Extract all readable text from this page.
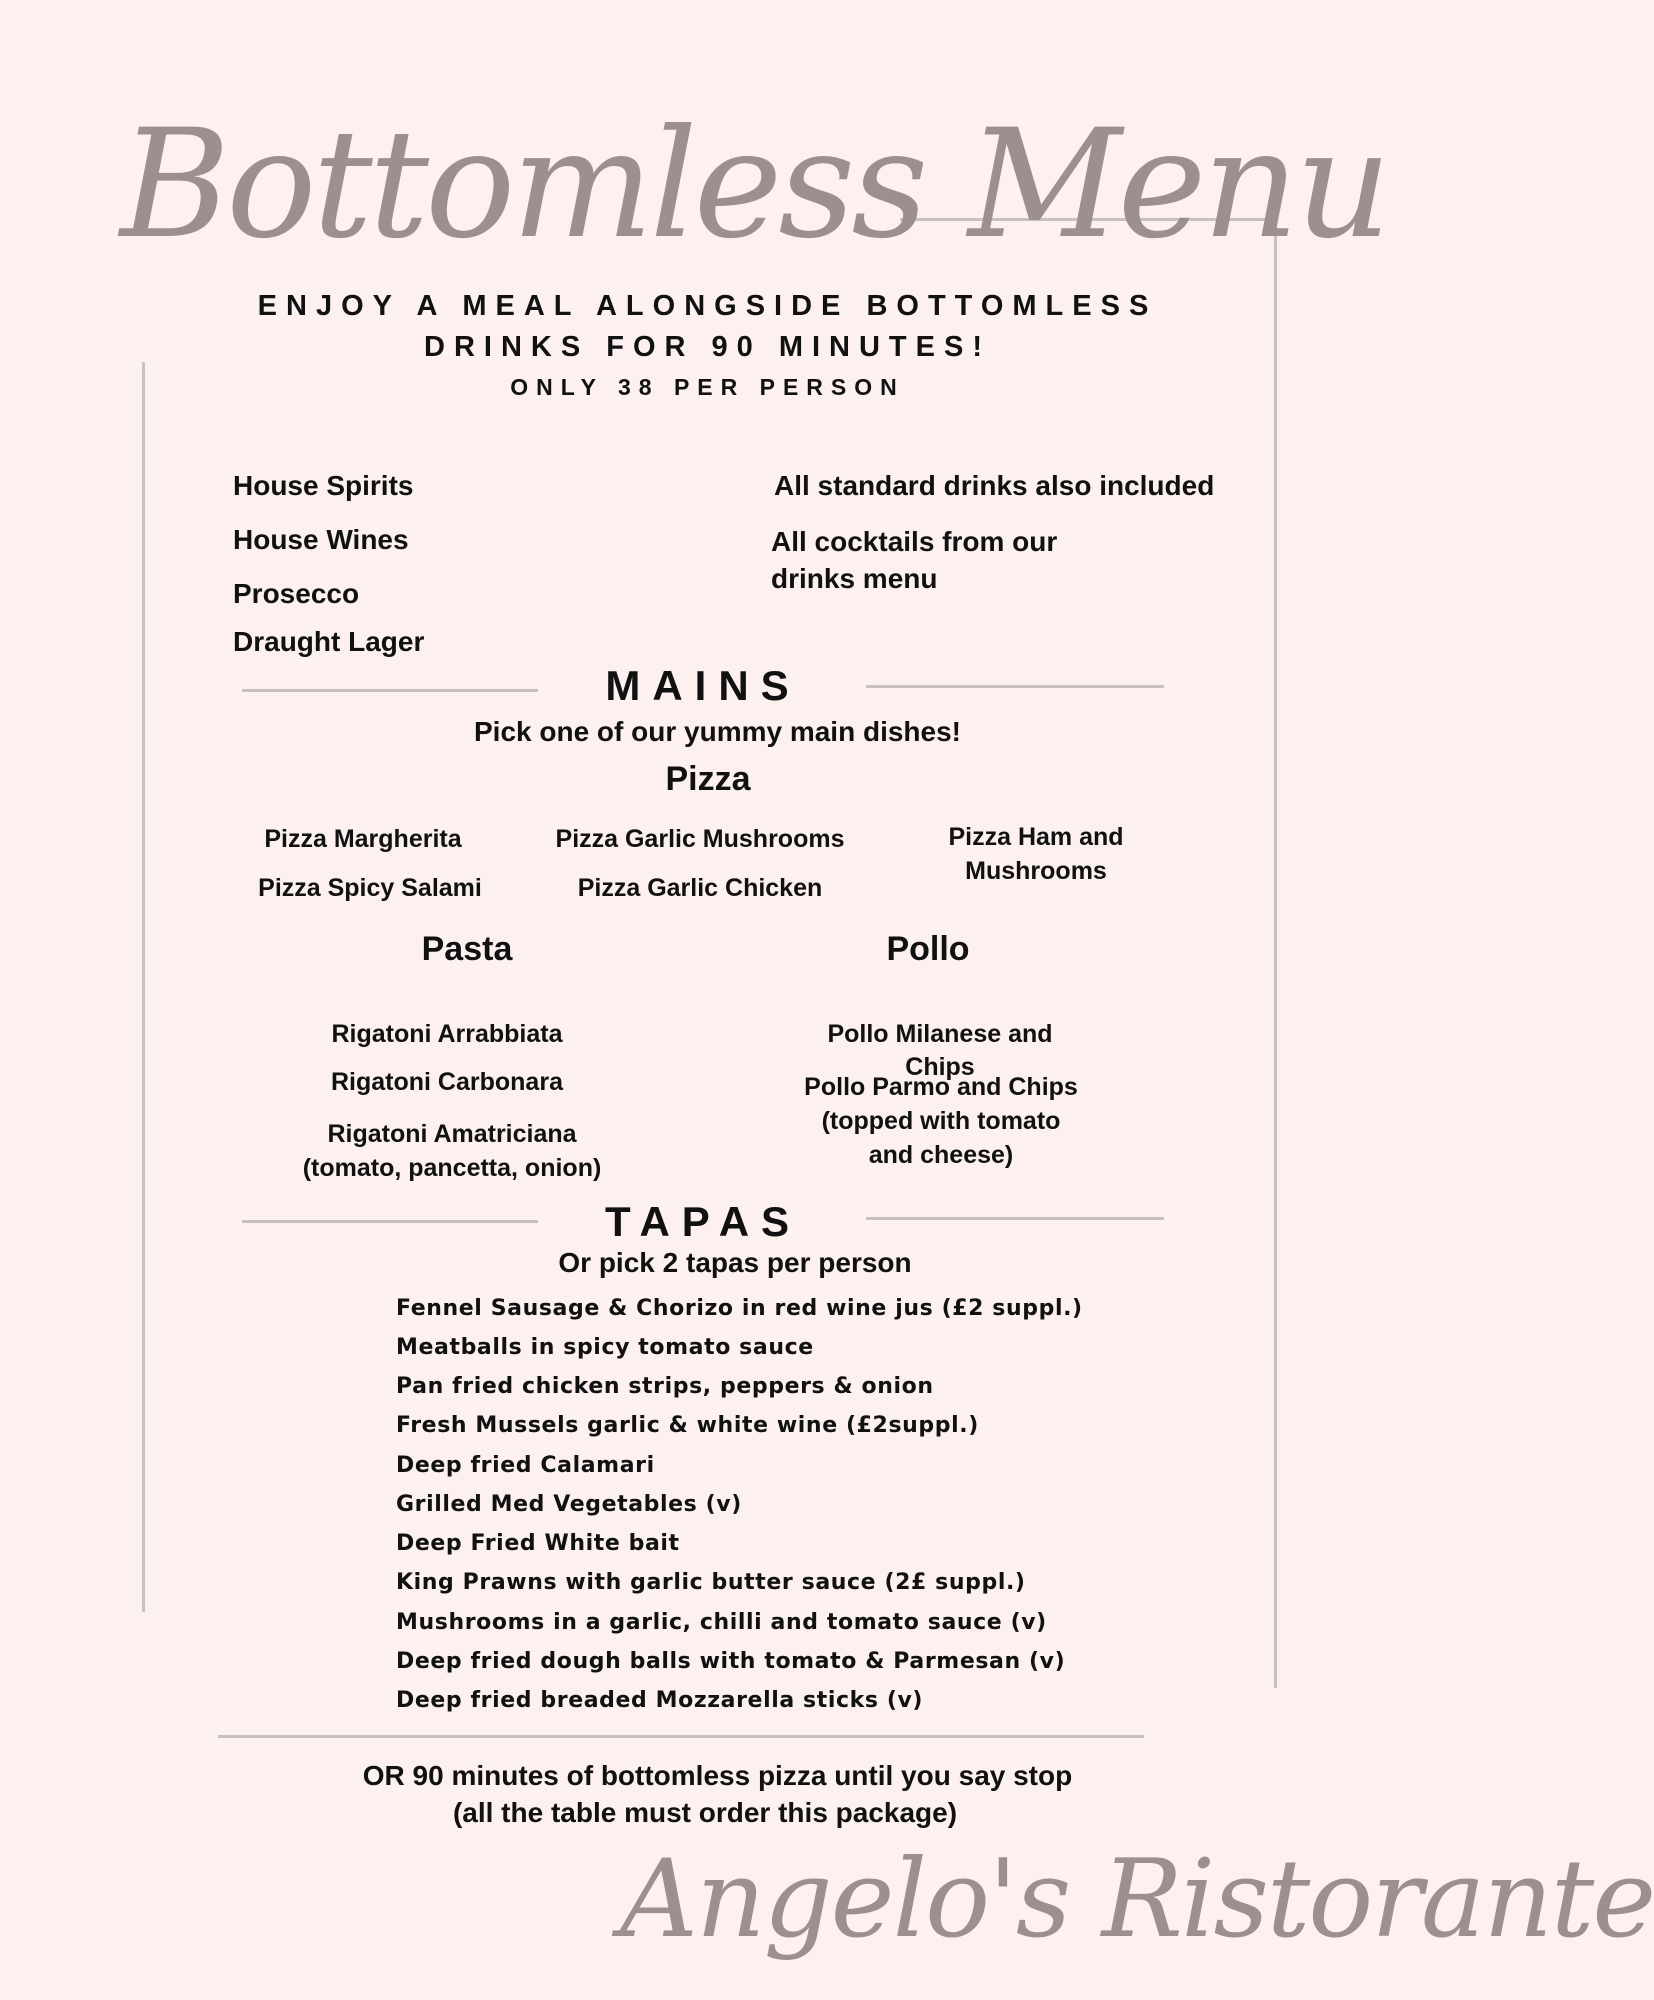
Bottomless Menu
ENJOY A MEAL ALONGSIDE BOTTOMLESS
DRINKS FOR 90 MINUTES!
ONLY 38 PER PERSON
House Spirits
House Wines
Prosecco
Draught Lager
All standard drinks also included
All cocktails from our
drinks menu
MAINS
Pick one of our yummy main dishes!
Pizza
Pizza Margherita
Pizza Spicy Salami
Pizza Garlic Mushrooms
Pizza Garlic Chicken
Pizza Ham and
Mushrooms
Pasta
Rigatoni Arrabbiata
Rigatoni Carbonara
Rigatoni Amatriciana
(tomato, pancetta, onion)
Pollo
Pollo Milanese and
Chips
Pollo Parmo and Chips
(topped with tomato
and cheese)
TAPAS
Or pick 2 tapas per person
Fennel Sausage & Chorizo in red wine jus (£2 suppl.)
Meatballs in spicy tomato sauce
Pan fried chicken strips, peppers & onion
Fresh Mussels garlic & white wine (£2suppl.)
Deep fried Calamari
Grilled Med Vegetables (v)
Deep Fried White bait
King Prawns with garlic butter sauce (2£ suppl.)
Mushrooms in a garlic, chilli and tomato sauce (v)
Deep fried dough balls with tomato & Parmesan (v)
Deep fried breaded Mozzarella sticks (v)
OR 90 minutes of bottomless pizza until you say stop
(all the table must order this package)
Angelo's Ristorante
